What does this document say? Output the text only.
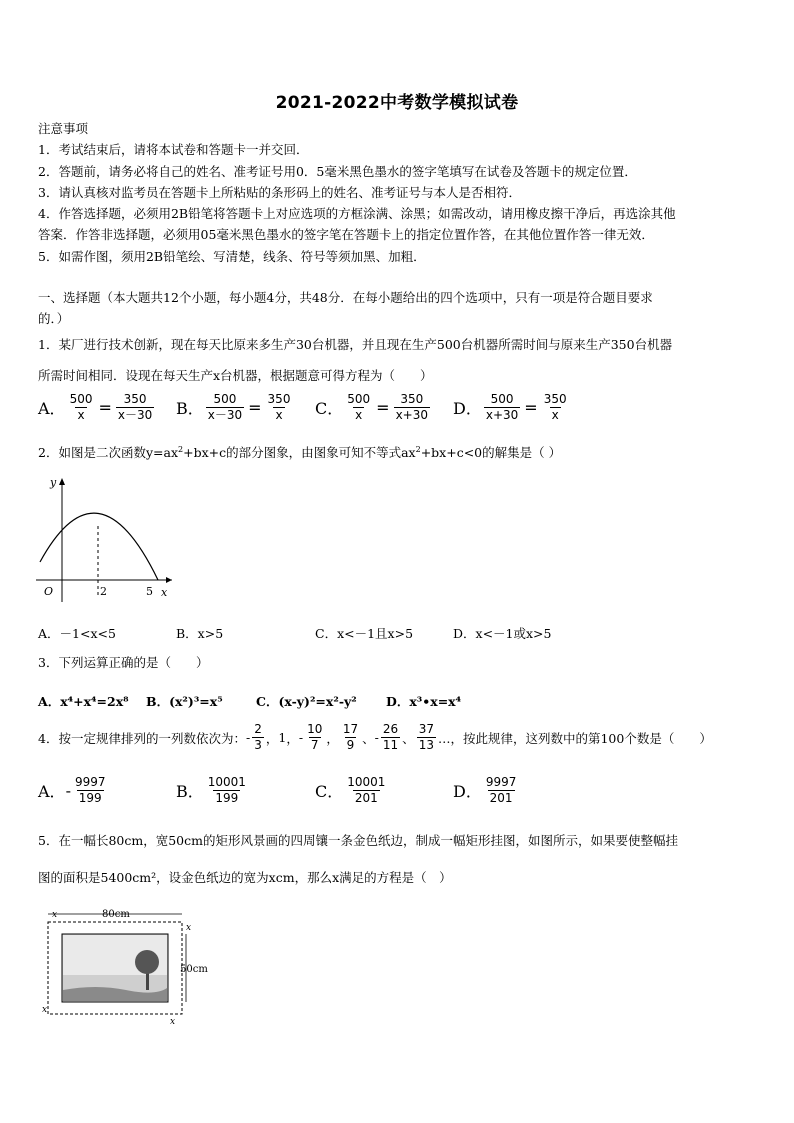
2021-2022中考数学模拟试卷
注意事项
1．考试结束后，请将本试卷和答题卡一并交回．
2．答题前，请务必将自己的姓名、准考证号用0．5毫米黑色墨水的签字笔填写在试卷及答题卡的规定位置．
3．请认真核对监考员在答题卡上所粘贴的条形码上的姓名、准考证号与本人是否相符．
4．作答选择题，必须用2B铅笔将答题卡上对应选项的方框涂满、涂黑；如需改动，请用橡皮擦干净后，再选涂其他
答案．作答非选择题，必须用05毫米黑色墨水的签字笔在答题卡上的指定位置作答，在其他位置作答一律无效．
5．如需作图，须用2B铅笔绘、写清楚，线条、符号等须加黑、加粗．
一、选择题（本大题共12个小题，每小题4分，共48分．在每小题给出的四个选项中，只有一项是符合题目要求
的．）
1．某厂进行技术创新，现在每天比原来多生产30台机器，并且现在生产500台机器所需时间与原来生产350台机器
所需时间相同．设现在每天生产x台机器，根据题意可得方程为（　　）
A． $\frac{500}{x} = \frac{350}{x-30}$ B． $\frac{500}{x-30} = \frac{350}{x}$ C． $\frac{500}{x} = \frac{350}{x+30}$ D． $\frac{500}{x+30} = \frac{350}{x}$
2．如图是二次函数$y=ax^2+bx+c$的部分图象，由图象可知不等式$ax^2+bx+c<0$的解集是（ ）
y
x
O	2	5
A．－1<x<5	B．x>5	C．x<－1且x>5	D．x<－1或x>5
3．下列运算正确的是（　　）
A．x⁴+x⁴=2x⁸ B．(x²)³=x⁵	C．(x-y)²=x²-y² D．x³•x=x⁴
4．按一定规律排列的一列数依次为： - $\frac{2}{3}$ ， 1 ， - $\frac{10}{7}$ ， $\frac{17}{9}$ 、 - $\frac{26}{11}$ 、 $\frac{37}{13}$ …，按此规律，这列数中的第100个数是（　　）
A． - $\frac{9997}{199}$	B． $\frac{10001}{199}$	C． $\frac{10001}{201}$	D． $\frac{9997}{201}$
5．在一幅长80cm，宽50cm的矩形风景画的四周镶一条金色纸边，制成一幅矩形挂图，如图所示，如果要使整幅挂
图的面积是5400cm²，设金色纸边的宽为xcm，那么x满足的方程是（　）
80cm
x
x
50cm
x
x
